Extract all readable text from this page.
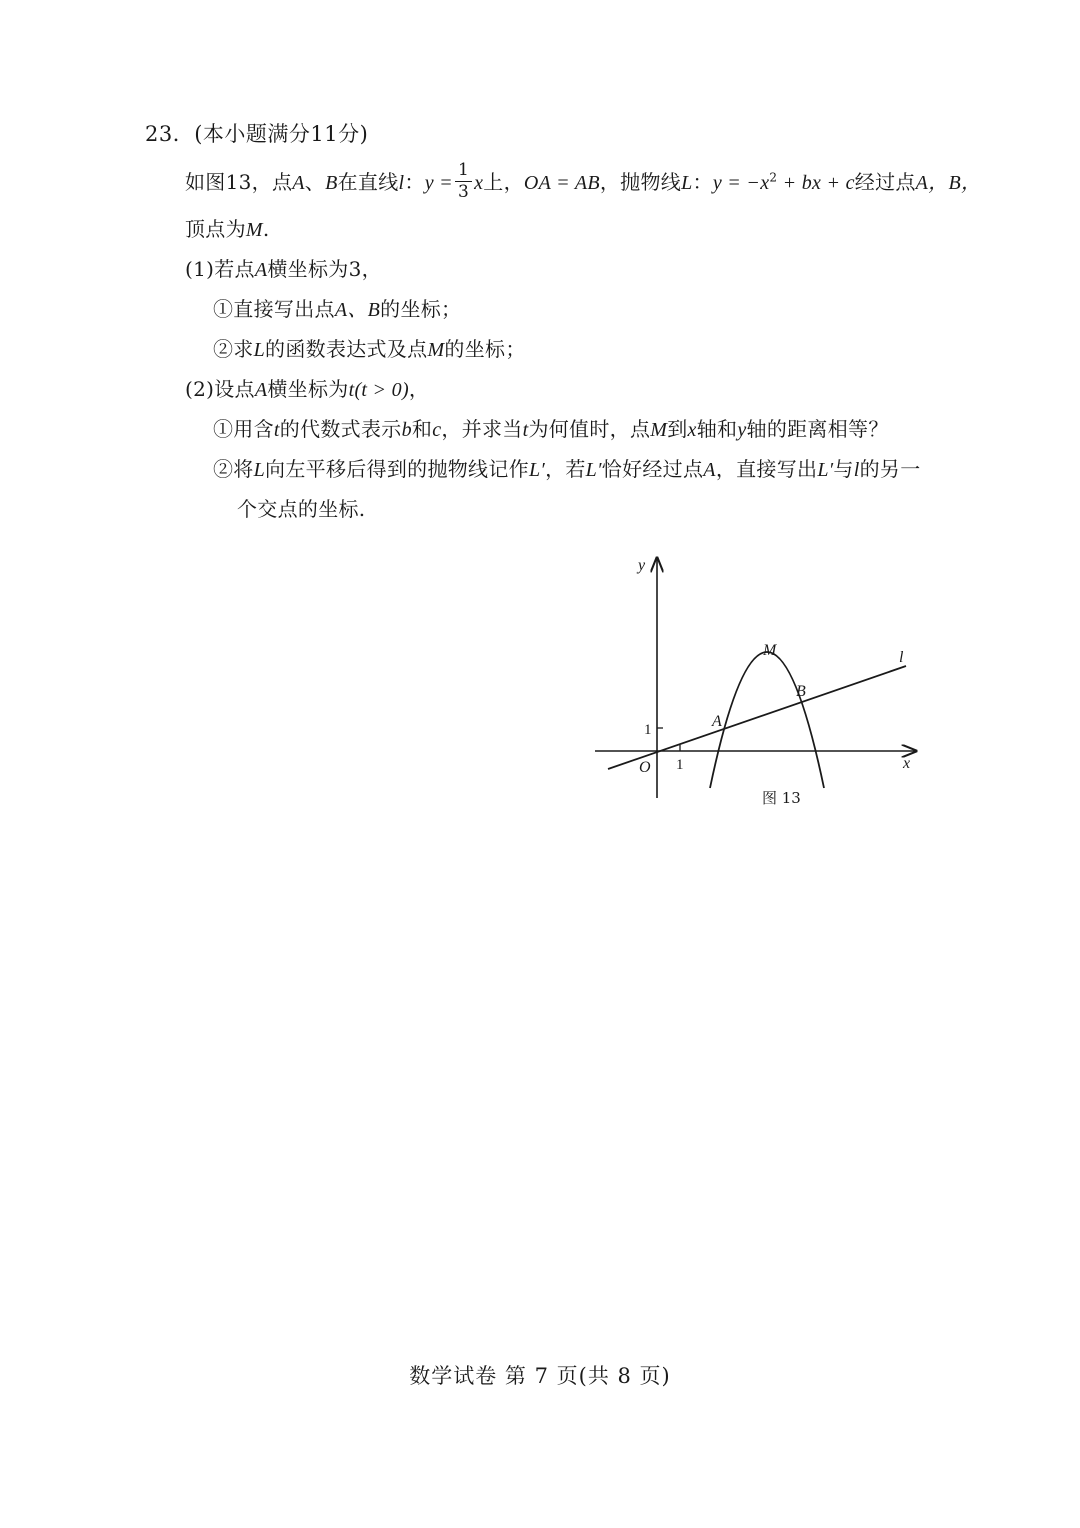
23．(本小题满分11分)
如图13，点A、B在直线l：$y = \frac{1}{3}$ x上，OA = AB，抛物线L：$y = -x^2$ + bx + c经过点A，B，
顶点为M.
(1)若点A横坐标为3，
①直接写出点A、B的坐标；
②求L的函数表达式及点M的坐标；
(2)设点A横坐标为t(t > 0)，
①用含t的代数式表示b和c，并求当t为何值时，点M到x轴和y轴的距离相等？
②将L向左平移后得到的抛物线记作L′，若L′恰好经过点A，直接写出L′与l的另一
个交点的坐标.
y
x
O 1
1	A
B
M	l
图 13
数学试卷 第 7 页(共 8 页)
